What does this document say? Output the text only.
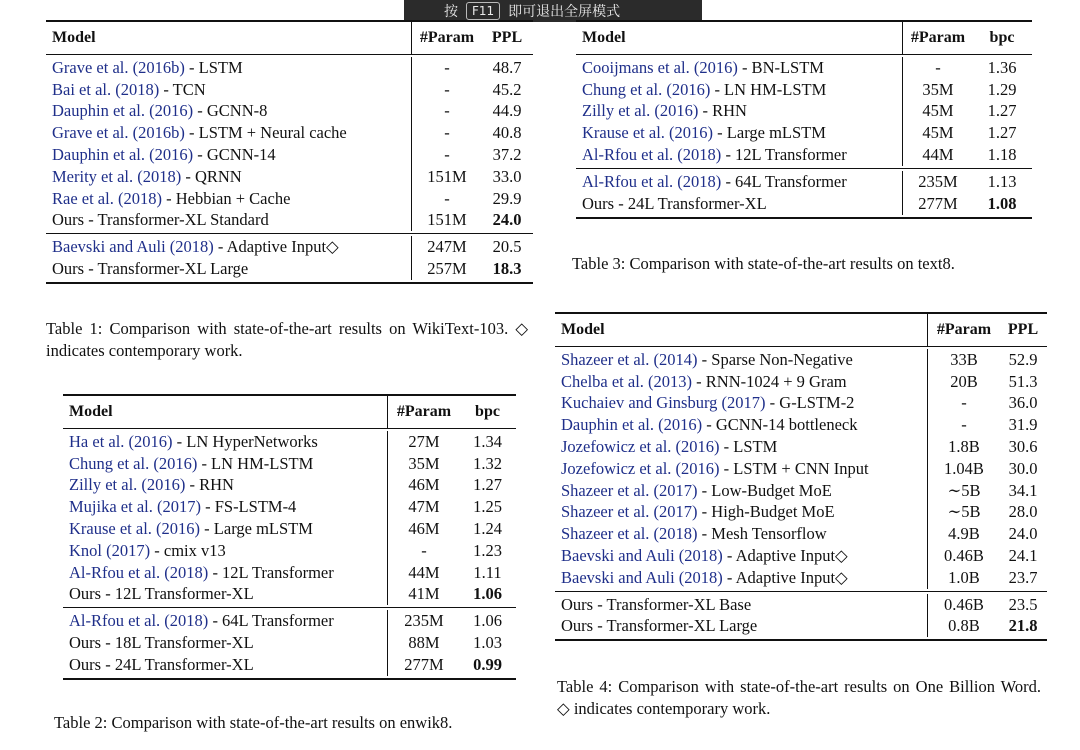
按	F11	即可退出全屏模式
Model	#Param	PPL
Grave et al. (2016b) - LSTM	-	48.7
Bai et al. (2018) - TCN	-	45.2
Dauphin et al. (2016) - GCNN-8	-	44.9
Grave et al. (2016b) - LSTM + Neural cache	-	40.8
Dauphin et al. (2016) - GCNN-14	-	37.2
Merity et al. (2018) - QRNN	151M	33.0
Rae et al. (2018) - Hebbian + Cache	-	29.9
Ours - Transformer-XL Standard	151M	24.0
Baevski and Auli (2018) - Adaptive Input◇	247M	20.5
Ours - Transformer-XL Large	257M	18.3
Table 1: Comparison with state-of-the-art results on WikiText-103. ◇ indicates contemporary work.
Model	#Param	bpc
Ha et al. (2016) - LN HyperNetworks	27M	1.34
Chung et al. (2016) - LN HM-LSTM	35M	1.32
Zilly et al. (2016) - RHN	46M	1.27
Mujika et al. (2017) - FS-LSTM-4	47M	1.25
Krause et al. (2016) - Large mLSTM	46M	1.24
Knol (2017) - cmix v13	-	1.23
Al-Rfou et al. (2018) - 12L Transformer	44M	1.11
Ours - 12L Transformer-XL	41M	1.06
Al-Rfou et al. (2018) - 64L Transformer	235M	1.06
Ours - 18L Transformer-XL	88M	1.03
Ours - 24L Transformer-XL	277M	0.99
Table 2: Comparison with state-of-the-art results on enwik8.
Model	#Param	bpc
Cooijmans et al. (2016) - BN-LSTM	-	1.36
Chung et al. (2016) - LN HM-LSTM	35M	1.29
Zilly et al. (2016) - RHN	45M	1.27
Krause et al. (2016) - Large mLSTM	45M	1.27
Al-Rfou et al. (2018) - 12L Transformer	44M	1.18
Al-Rfou et al. (2018) - 64L Transformer	235M	1.13
Ours - 24L Transformer-XL	277M	1.08
Table 3: Comparison with state-of-the-art results on text8.
Model	#Param	PPL
Shazeer et al. (2014) - Sparse Non-Negative	33B	52.9
Chelba et al. (2013) - RNN-1024 + 9 Gram	20B	51.3
Kuchaiev and Ginsburg (2017) - G-LSTM-2	-	36.0
Dauphin et al. (2016) - GCNN-14 bottleneck	-	31.9
Jozefowicz et al. (2016) - LSTM	1.8B	30.6
Jozefowicz et al. (2016) - LSTM + CNN Input	1.04B	30.0
Shazeer et al. (2017) - Low-Budget MoE	∼5B	34.1
Shazeer et al. (2017) - High-Budget MoE	∼5B	28.0
Shazeer et al. (2018) - Mesh Tensorflow	4.9B	24.0
Baevski and Auli (2018) - Adaptive Input◇	0.46B	24.1
Baevski and Auli (2018) - Adaptive Input◇	1.0B	23.7
Ours - Transformer-XL Base	0.46B	23.5
Ours - Transformer-XL Large	0.8B	21.8
Table 4: Comparison with state-of-the-art results on One Billion Word. ◇ indicates contemporary work.
